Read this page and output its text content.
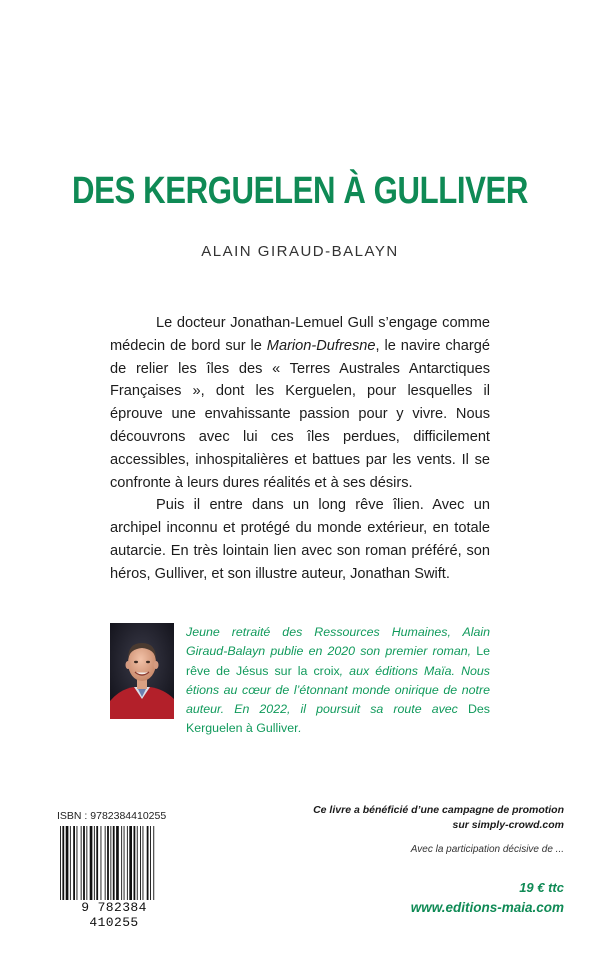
DES KERGUELEN À GULLIVER
ALAIN GIRAUD-BALAYN

Le docteur Jonathan-Lemuel Gull s’engage comme médecin de bord sur le Marion-Dufresne, le navire chargé de relier les îles des « Terres Australes Antarctiques Françaises », dont les Kerguelen, pour lesquelles il éprouve une envahissante passion pour y vivre. Nous découvrons avec lui ces îles perdues, difficilement accessibles, inhospitalières et battues par les vents. Il se confronte à leurs dures réalités et à ses désirs.

Puis il entre dans un long rêve îlien. Avec un archipel inconnu et protégé du monde extérieur, en totale autarcie. En très lointain lien avec son roman préféré, son héros, Gulliver, et son illustre auteur, Jonathan Swift.

Jeune retraité des Ressources Humaines, Alain Giraud-Balayn publie en 2020 son premier roman, Le rêve de Jésus sur la croix, aux éditions Maïa. Nous étions au cœur de l’étonnant monde onirique de notre auteur. En 2022, il poursuit sa route avec Des Kerguelen à Gulliver.
ISBN : 9782384410255
9 782384 410255
Ce livre a bénéficié d’une campagne de promotion
sur simply-crowd.com
Avec la participation décisive de ...
19 € ttc
www.editions-maia.com
